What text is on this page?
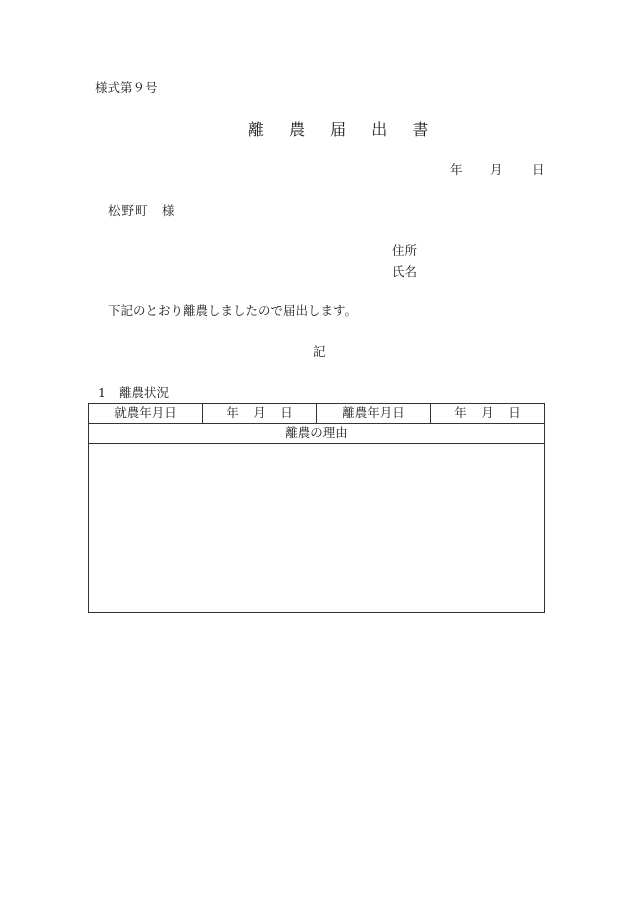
様式第９号
離 農 届 出 書
年 月 日
松野町　様
住所
氏名
下記のとおり離農しましたので届出します。
記
1 離農状況
就農年月日	年 月 日	離農年月日	年 月 日
離農の理由
